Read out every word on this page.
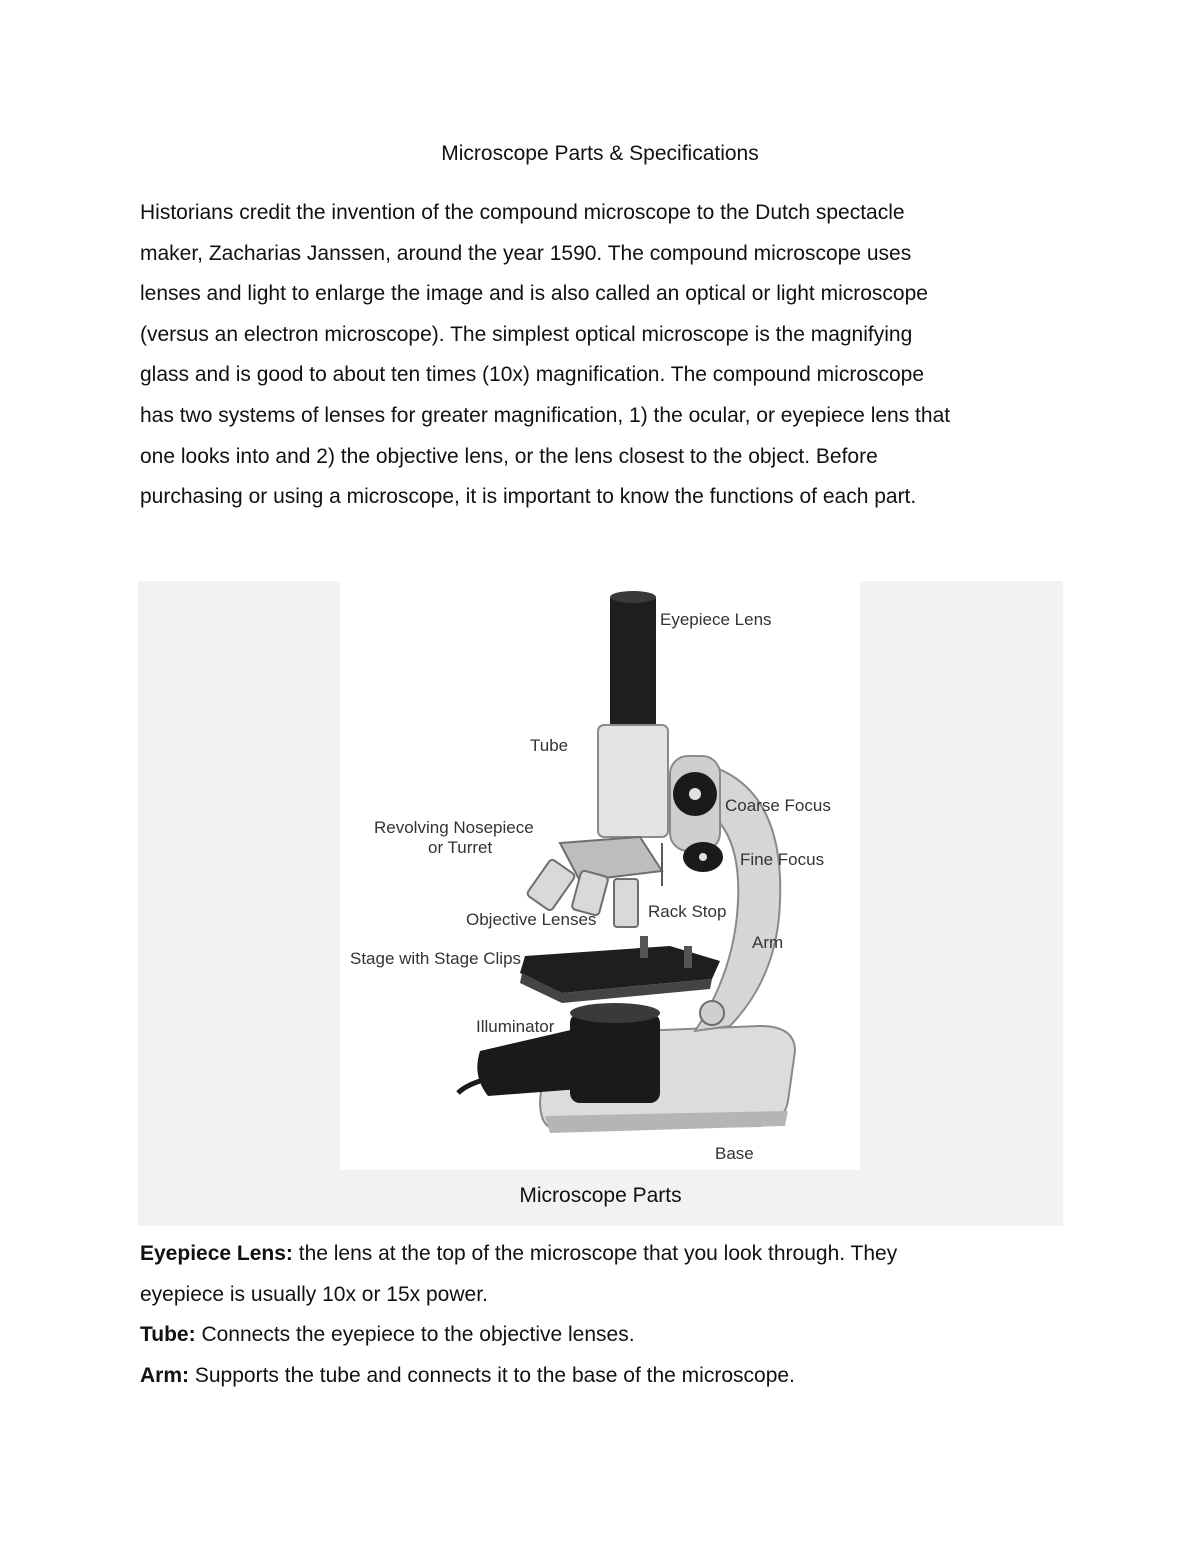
Microscope Parts & Specifications
Historians credit the invention of the compound microscope to the Dutch spectacle
maker, Zacharias Janssen, around the year 1590. The compound microscope uses
lenses and light to enlarge the image and is also called an optical or light microscope
(versus an electron microscope). The simplest optical microscope is the magnifying
glass and is good to about ten times (10x) magnification. The compound microscope
has two systems of lenses for greater magnification, 1) the ocular, or eyepiece lens that
one looks into and 2) the objective lens, or the lens closest to the object. Before
purchasing or using a microscope, it is important to know the functions of each part.
Eyepiece Lens
Tube
Coarse Focus
Revolving Nosepiece
or Turret
Fine Focus
Objective Lenses	Rack Stop
Arm
Stage with Stage Clips
Illuminator
Base
Microscope Parts
Eyepiece Lens: the lens at the top of the microscope that you look through. They
eyepiece is usually 10x or 15x power.
Tube: Connects the eyepiece to the objective lenses.
Arm: Supports the tube and connects it to the base of the microscope.
